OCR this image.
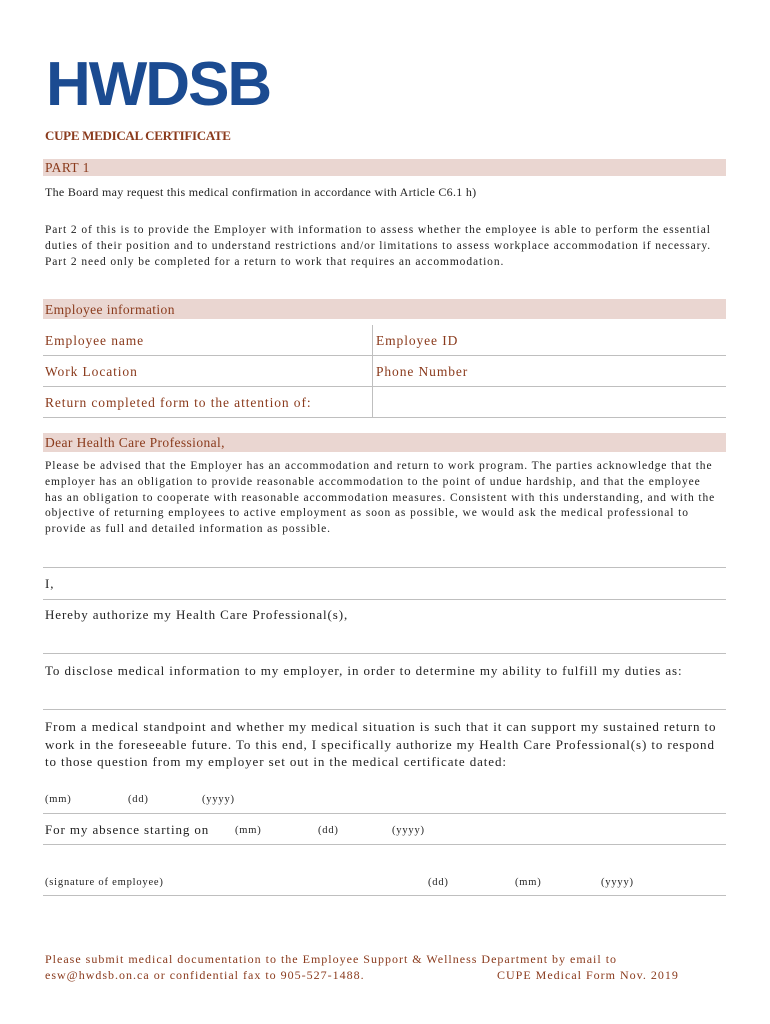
HWDSB
CUPE MEDICAL CERTIFICATE
PART 1
The Board may request this medical confirmation in accordance with Article C6.1 h)
Part 2 of this is to provide the Employer with information to assess whether the employee is able to perform the essential duties of their position and to understand restrictions and/or limitations to assess workplace accommodation if necessary. Part 2 need only be completed for a return to work that requires an accommodation.
Employee information
Employee name	Employee ID
Work Location	Phone Number
Return completed form to the attention of:
Dear Health Care Professional,
Please be advised that the Employer has an accommodation and return to work program. The parties acknowledge that the employer has an obligation to provide reasonable accommodation to the point of undue hardship, and that the employee has an obligation to cooperate with reasonable accommodation measures. Consistent with this understanding, and with the objective of returning employees to active employment as soon as possible, we would ask the medical professional to provide as full and detailed information as possible.
I,
Hereby authorize my Health Care Professional(s),
To disclose medical information to my employer, in order to determine my ability to fulfill my duties as:
From a medical standpoint and whether my medical situation is such that it can support my sustained return to work in the foreseeable future. To this end, I specifically authorize my Health Care Professional(s) to respond to those question from my employer set out in the medical certificate dated:
(mm)	(dd)	(yyyy)
For my absence starting on (mm)	(dd)	(yyyy)
(signature of employee)	(dd)	(mm)	(yyyy)
Please submit medical documentation to the Employee Support & Wellness Department by email to
esw@hwdsb.on.ca or confidential fax to 905-527-1488.	CUPE Medical Form Nov. 2019
